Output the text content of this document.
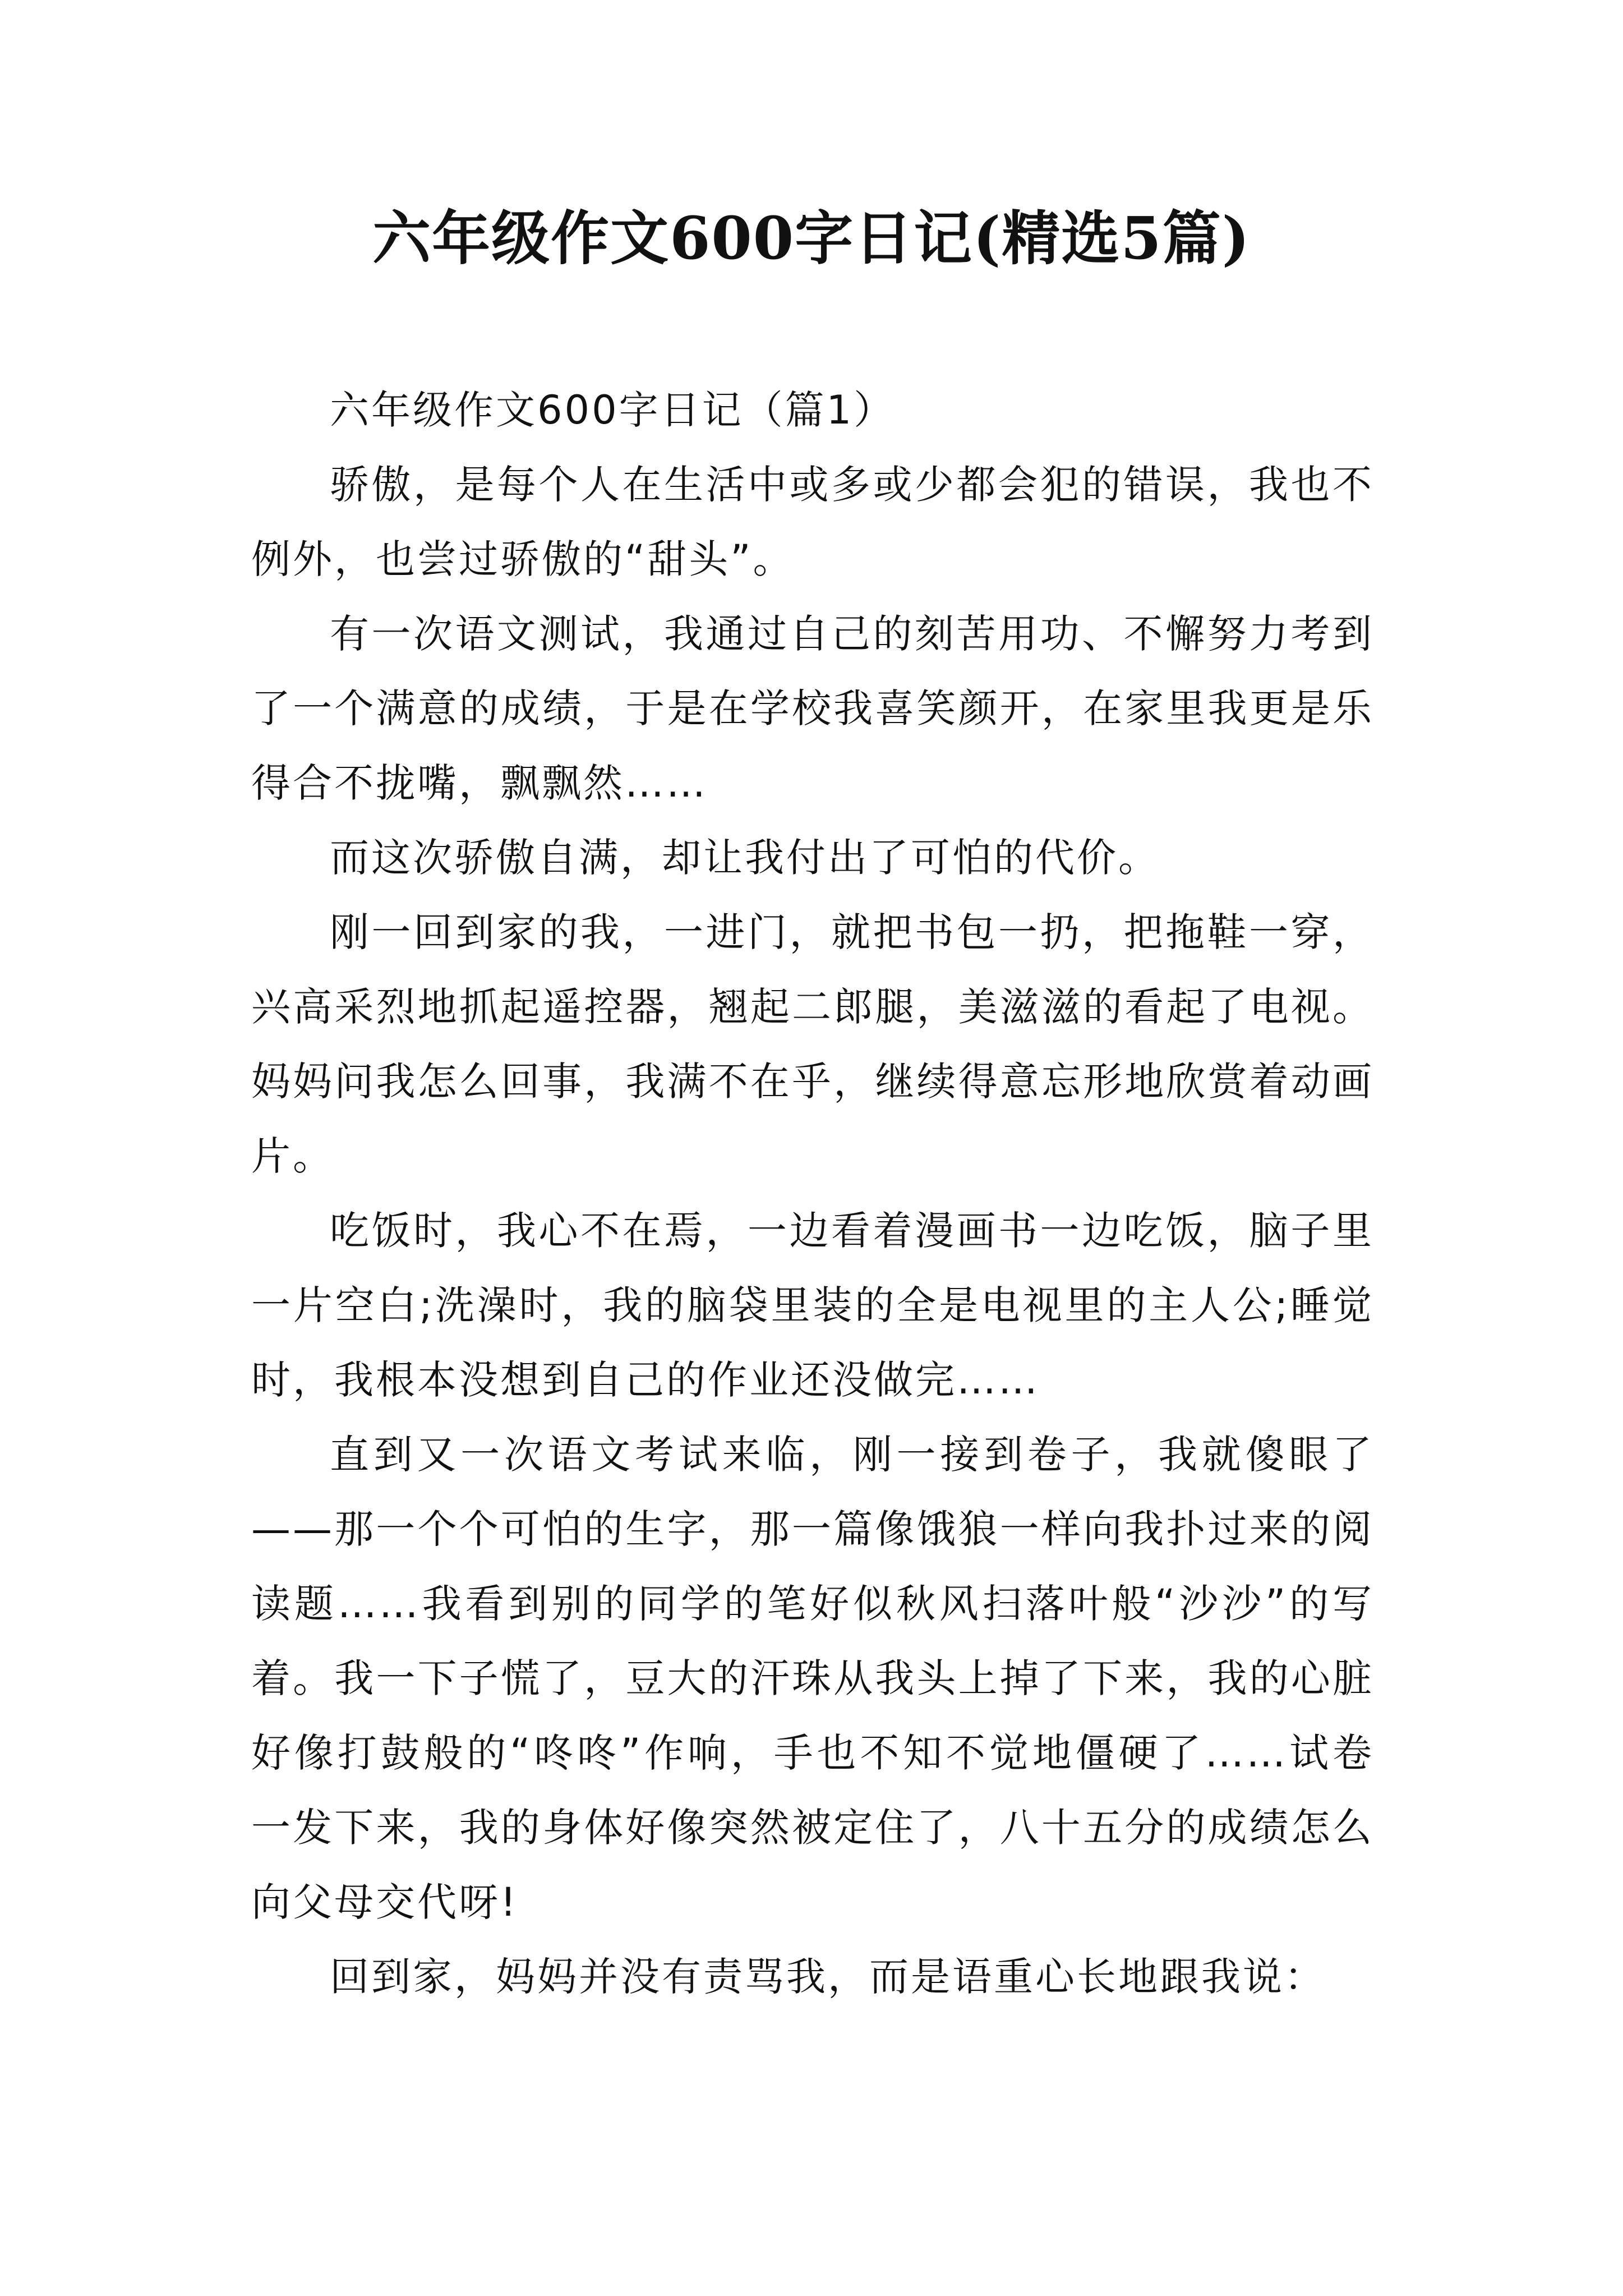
六年级作文600字日记(精选5篇)

六年级作文600字日记（篇1）

骄傲，是每个人在生活中或多或少都会犯的错误，我也不例外，也尝过骄傲的“甜头”。

有一次语文测试，我通过自己的刻苦用功、不懈努力考到了一个满意的成绩，于是在学校我喜笑颜开，在家里我更是乐得合不拢嘴，飘飘然……

而这次骄傲自满，却让我付出了可怕的代价。

刚一回到家的我，一进门，就把书包一扔，把拖鞋一穿，兴高采烈地抓起遥控器，翘起二郎腿，美滋滋的看起了电视。妈妈问我怎么回事，我满不在乎，继续得意忘形地欣赏着动画片。

吃饭时，我心不在焉，一边看着漫画书一边吃饭，脑子里一片空白;洗澡时，我的脑袋里装的全是电视里的主人公;睡觉时，我根本没想到自己的作业还没做完……

直到又一次语文考试来临，刚一接到卷子，我就傻眼了——那一个个可怕的生字，那一篇像饿狼一样向我扑过来的阅读题……我看到别的同学的笔好似秋风扫落叶般“沙沙”的写着。我一下子慌了，豆大的汗珠从我头上掉了下来，我的心脏好像打鼓般的“咚咚”作响，手也不知不觉地僵硬了……试卷一发下来，我的身体好像突然被定住了，八十五分的成绩怎么向父母交代呀!

回到家，妈妈并没有责骂我，而是语重心长地跟我说：
